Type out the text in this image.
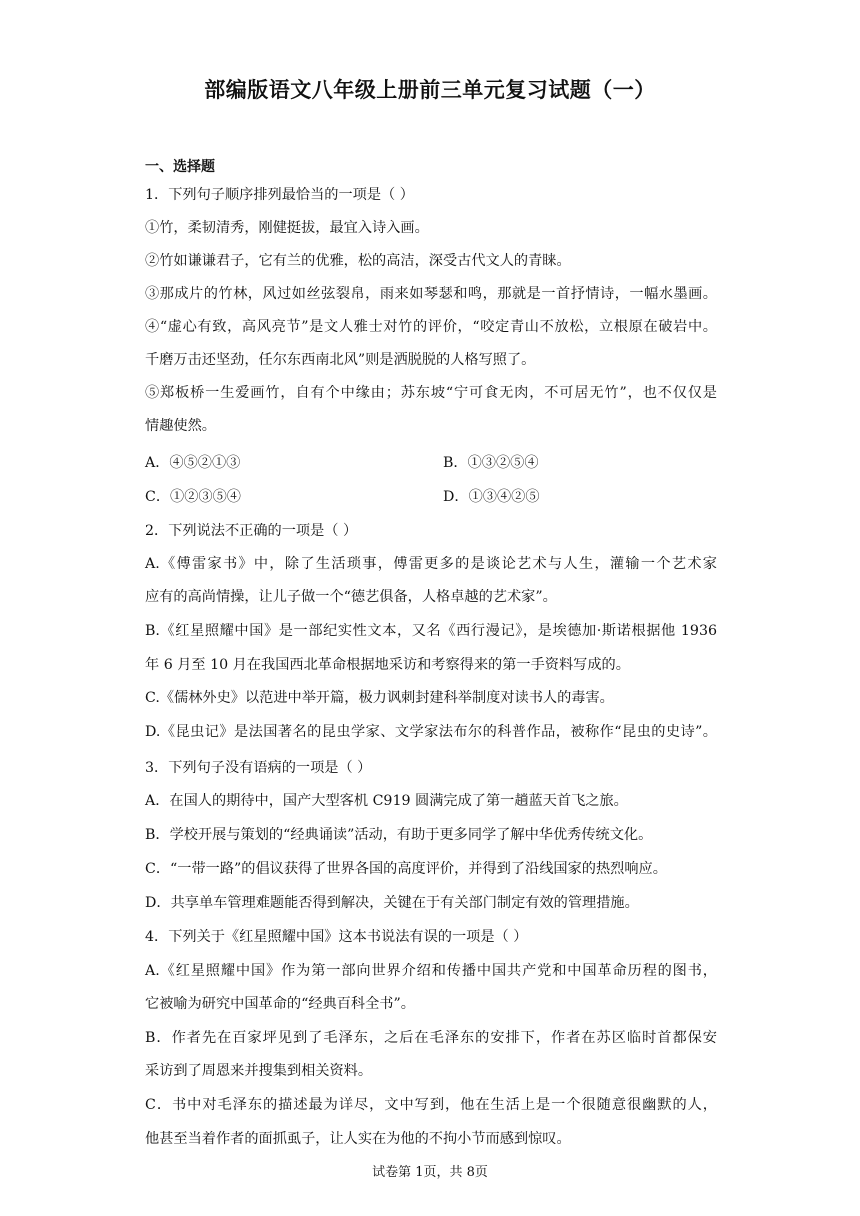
部编版语文八年级上册前三单元复习试题（一）
一、选择题
1．下列句子顺序排列最恰当的一项是（ ）
①竹，柔韧清秀，刚健挺拔，最宜入诗入画。
②竹如谦谦君子，它有兰的优雅，松的高洁，深受古代文人的青睐。
③那成片的竹林，风过如丝弦裂帛，雨来如琴瑟和鸣，那就是一首抒情诗，一幅水墨画。
④“虚心有致，高风亮节”是文人雅士对竹的评价，“咬定青山不放松，立根原在破岩中。
千磨万击还坚劲，任尔东西南北风”则是洒脱脱的人格写照了。
⑤郑板桥一生爱画竹，自有个中缘由；苏东坡“宁可食无肉，不可居无竹”，也不仅仅是
情趣使然。
A．④⑤②①③	B．①③②⑤④
C．①②③⑤④	D．①③④②⑤
2．下列说法不正确的一项是（ ）
A.《傅雷家书》中，除了生活琐事，傅雷更多的是谈论艺术与人生，灌输一个艺术家
应有的高尚情操，让儿子做一个“德艺俱备，人格卓越的艺术家”。
B.《红星照耀中国》是一部纪实性文本，又名《西行漫记》，是埃德加·斯诺根据他 1936
年 6 月至 10 月在我国西北革命根据地采访和考察得来的第一手资料写成的。
C.《儒林外史》以范进中举开篇，极力讽刺封建科举制度对读书人的毒害。
D.《昆虫记》是法国著名的昆虫学家、文学家法布尔的科普作品，被称作“昆虫的史诗”。
3．下列句子没有语病的一项是（ ）
A．在国人的期待中，国产大型客机 C919 圆满完成了第一趟蓝天首飞之旅。
B．学校开展与策划的“经典诵读”活动，有助于更多同学了解中华优秀传统文化。
C．“一带一路”的倡议获得了世界各国的高度评价，并得到了沿线国家的热烈响应。
D．共享单车管理难题能否得到解决，关键在于有关部门制定有效的管理措施。
4．下列关于《红星照耀中国》这本书说法有误的一项是（ ）
A.《红星照耀中国》作为第一部向世界介绍和传播中国共产党和中国革命历程的图书，
它被喻为研究中国革命的“经典百科全书”。
B．作者先在百家坪见到了毛泽东，之后在毛泽东的安排下，作者在苏区临时首都保安
采访到了周恩来并搜集到相关资料。
C．书中对毛泽东的描述最为详尽，文中写到，他在生活上是一个很随意很幽默的人，
他甚至当着作者的面抓虱子，让人实在为他的不拘小节而感到惊叹。
试卷第 1页，共 8页
